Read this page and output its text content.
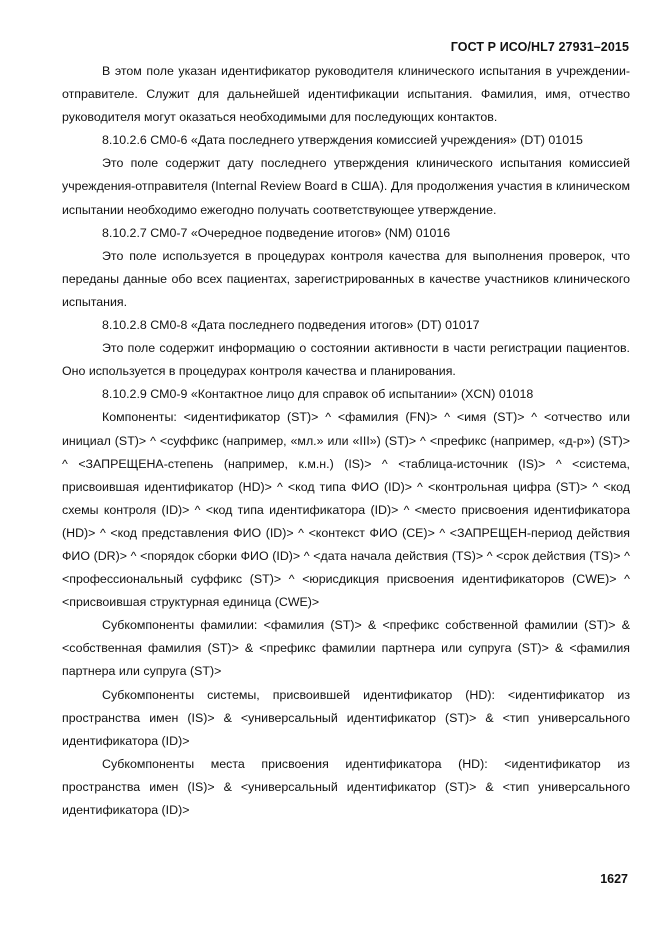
ГОСТ Р ИСО/HL7 27931–2015

В этом поле указан идентификатор руководителя клинического испытания в учреждении-отправителе. Служит для дальнейшей идентификации испытания. Фамилия, имя, отчество руководителя могут оказаться необходимыми для последующих контактов.

8.10.2.6 CM0-6 «Дата последнего утверждения комиссией учреждения» (DT) 01015

Это поле содержит дату последнего утверждения клинического испытания комиссией учреждения-отправителя (Internal Review Board в США). Для продолжения участия в клиническом испытании необходимо ежегодно получать соответствующее утверждение.

8.10.2.7 CM0-7 «Очередное подведение итогов» (NM) 01016

Это поле используется в процедурах контроля качества для выполнения проверок, что переданы данные обо всех пациентах, зарегистрированных в качестве участников клинического испытания.

8.10.2.8 CM0-8 «Дата последнего подведения итогов» (DT) 01017

Это поле содержит информацию о состоянии активности в части регистрации пациентов. Оно используется в процедурах контроля качества и планирования.

8.10.2.9 CM0-9 «Контактное лицо для справок об испытании» (XCN) 01018

Компоненты: <идентификатор (ST)> ^ <фамилия (FN)> ^ <имя (ST)> ^ <отчество или инициал (ST)> ^ <суффикс (например, «мл.» или «III») (ST)> ^ <префикс (например, «д-р») (ST)> ^ <ЗАПРЕЩЕНА-степень (например, к.м.н.) (IS)> ^ <таблица-источник (IS)> ^ <система, присвоившая идентификатор (HD)> ^ <код типа ФИО (ID)> ^ <контрольная цифра (ST)> ^ <код схемы контроля (ID)> ^ <код типа идентификатора (ID)> ^ <место присвоения идентификатора (HD)> ^ <код представления ФИО (ID)> ^ <контекст ФИО (CE)> ^ <ЗАПРЕЩЕН-период действия ФИО (DR)> ^ <порядок сборки ФИО (ID)> ^ <дата начала действия (TS)> ^ <срок действия (TS)> ^ <профессиональный суффикс (ST)> ^ <юрисдикция присвоения идентификаторов (CWE)> ^ <присвоившая структурная единица (CWE)>

Субкомпоненты фамилии: <фамилия (ST)> & <префикс собственной фамилии (ST)> & <собственная фамилия (ST)> & <префикс фамилии партнера или супруга (ST)> & <фамилия партнера или супруга (ST)>

Субкомпоненты системы, присвоившей идентификатор (HD): <идентификатор из пространства имен (IS)> & <универсальный идентификатор (ST)> & <тип универсального идентификатора (ID)>

Субкомпоненты места присвоения идентификатора (HD): <идентификатор из пространства имен (IS)> & <универсальный идентификатор (ST)> & <тип универсального идентификатора (ID)>

1627
